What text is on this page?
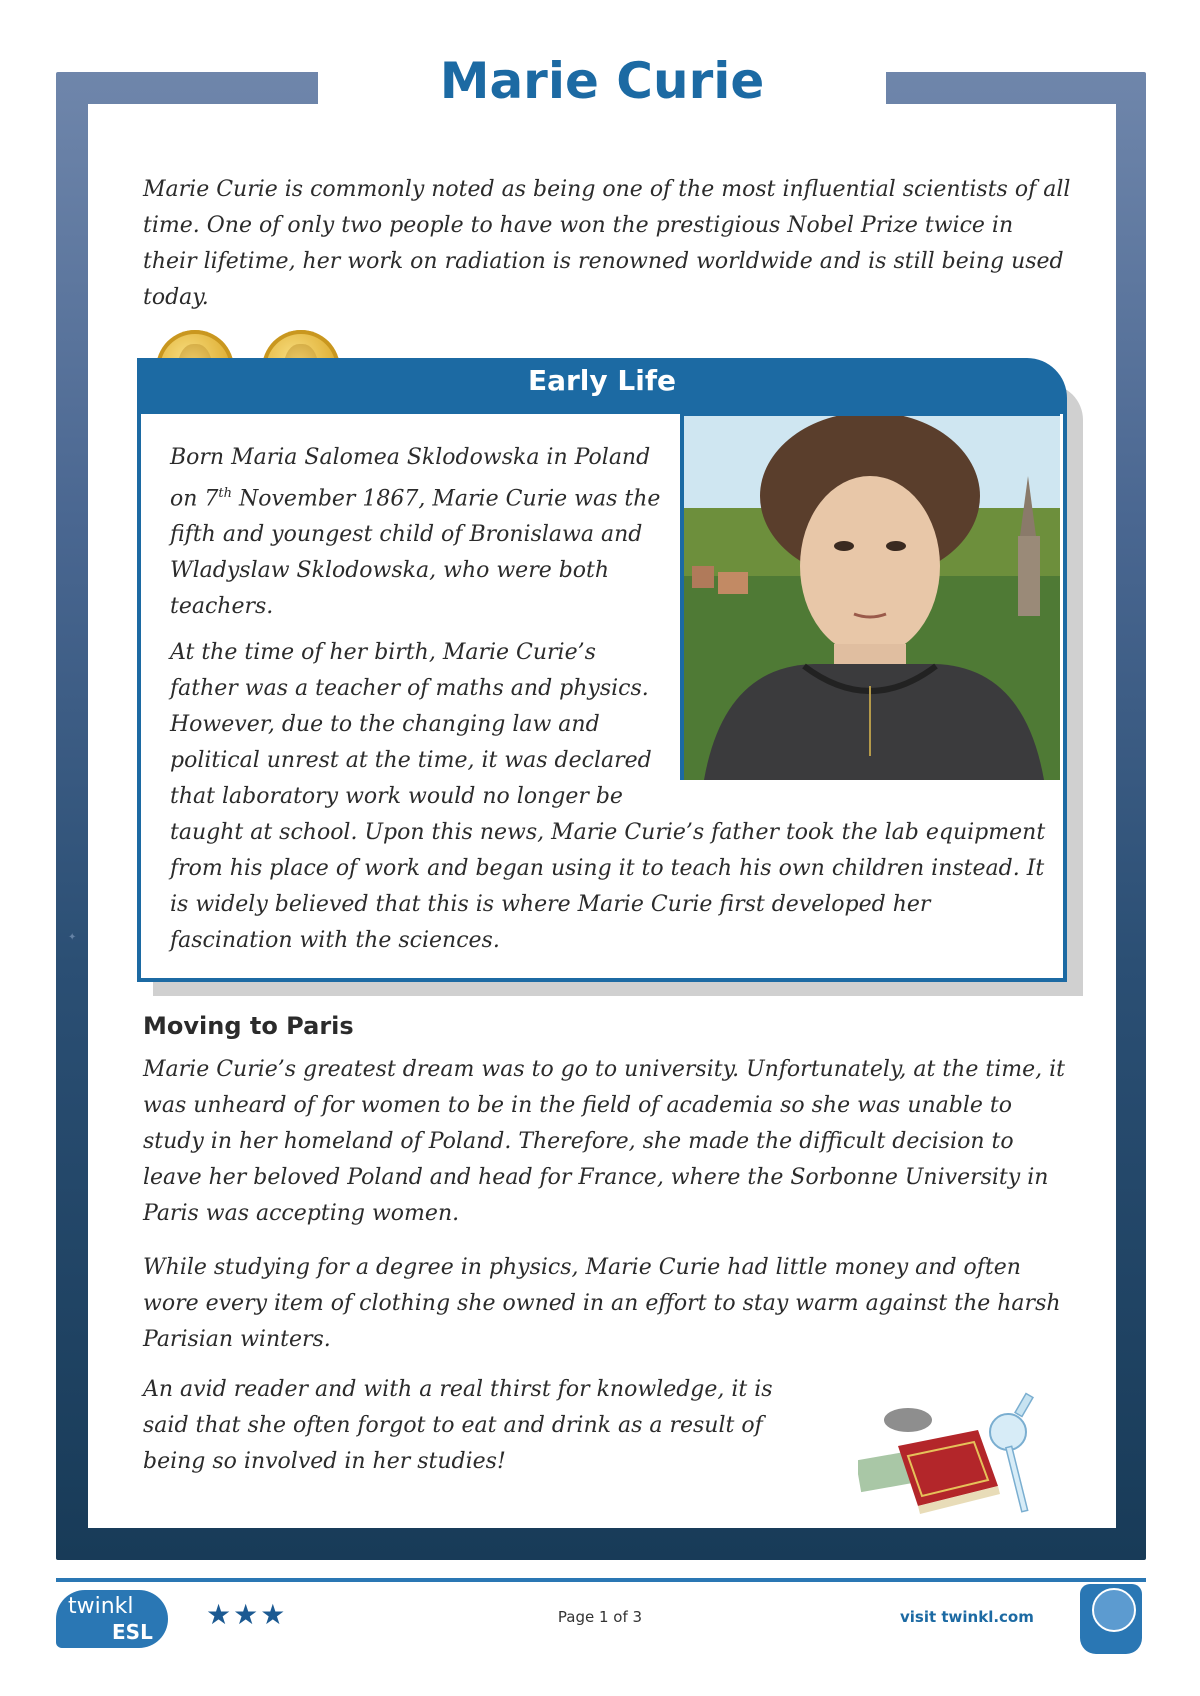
✦
Marie Curie

Marie Curie is commonly noted as being one of the most influential scientists of all time. One of only two people to have won the prestigious Nobel Prize twice in their lifetime, her work on radiation is renowned worldwide and is still being used today.

Early Life

Born Maria Salomea Sklodowska in Poland on 7th November 1867, Marie Curie was the fifth and youngest child of Bronislawa and Wladyslaw Sklodowska, who were both teachers.

At the time of her birth, Marie Curie’s father was a teacher of maths and physics. However, due to the changing law and political unrest at the time, it was declared that laboratory work would no longer be taught at school. Upon this news, Marie Curie’s father took the lab equipment from his place of work and began using it to teach his own children instead. It is widely believed that this is where Marie Curie first developed her fascination with the sciences.

Moving to Paris

Marie Curie’s greatest dream was to go to university. Unfortunately, at the time, it was unheard of for women to be in the field of academia so she was unable to study in her homeland of Poland. Therefore, she made the difficult decision to leave her beloved Poland and head for France, where the Sorbonne University in Paris was accepting women.

While studying for a degree in physics, Marie Curie had little money and often wore every item of clothing she owned in an effort to stay warm against the harsh Parisian winters.

An avid reader and with a real thirst for knowledge, it is said that she often forgot to eat and drink as a result of being so involved in her studies!

twinkl

ESL

★★★	Page 1 of 3	visit twinkl.com
